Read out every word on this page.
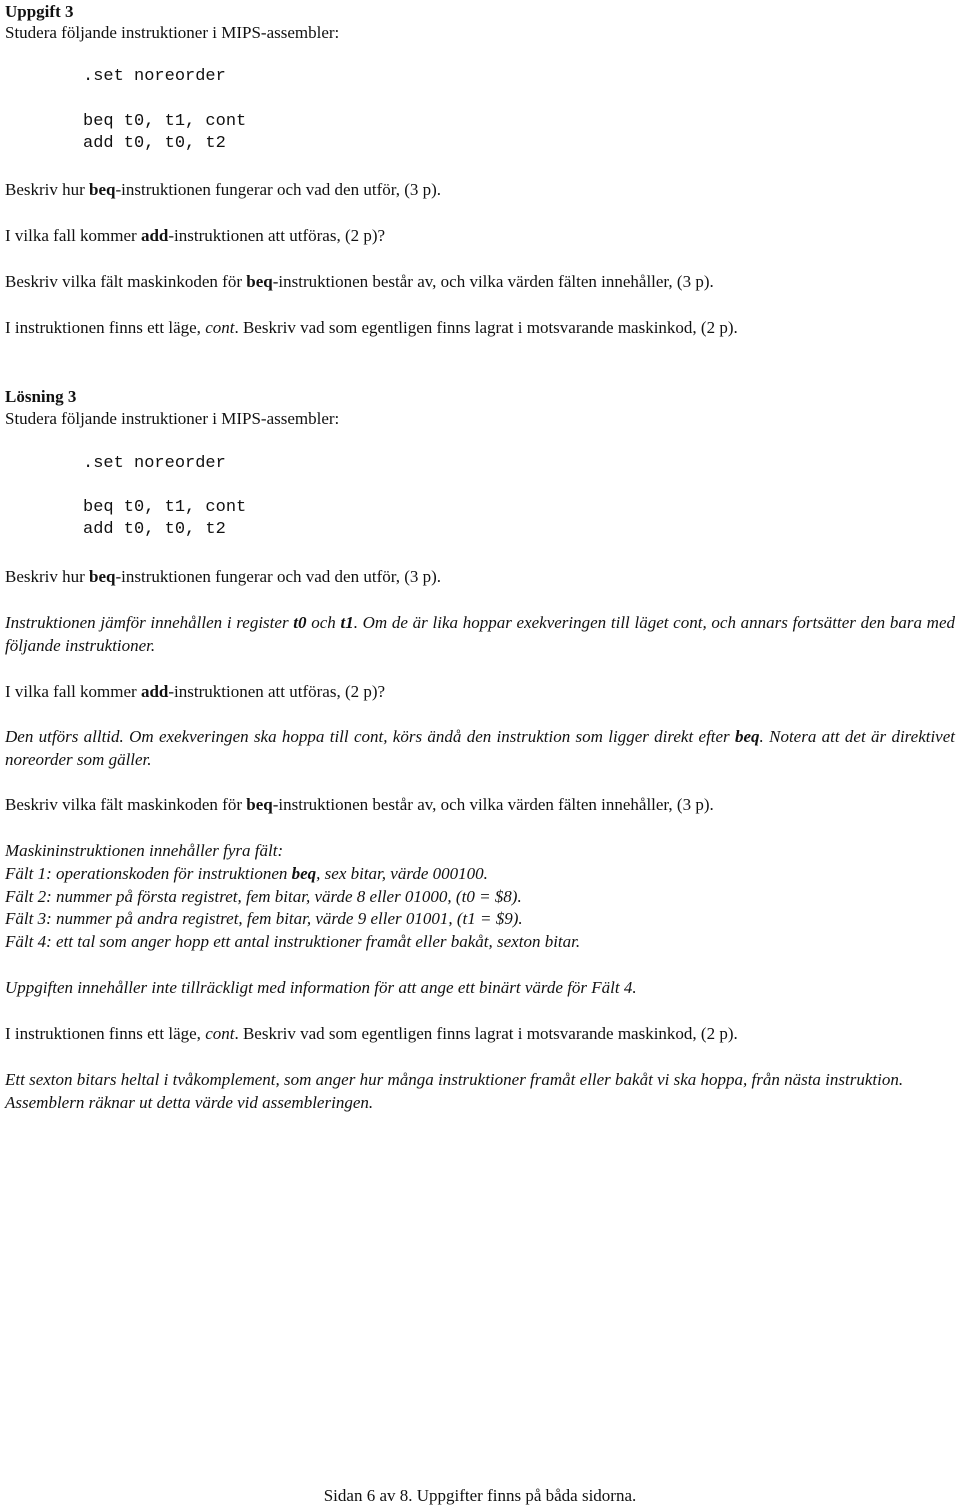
Uppgift 3
Studera följande instruktioner i MIPS-assembler:
.set noreorder
beq t0, t1, cont
add t0, t0, t2
Beskriv hur beq-instruktionen fungerar och vad den utför, (3 p).
I vilka fall kommer add-instruktionen att utföras, (2 p)?
Beskriv vilka fält maskinkoden för beq-instruktionen består av, och vilka värden fälten innehåller, (3 p).
I instruktionen finns ett läge, cont. Beskriv vad som egentligen finns lagrat i motsvarande maskinkod, (2 p).
Lösning 3
Studera följande instruktioner i MIPS-assembler:
.set noreorder
beq t0, t1, cont
add t0, t0, t2
Beskriv hur beq-instruktionen fungerar och vad den utför, (3 p).
Instruktionen jämför innehållen i register t0 och t1. Om de är lika hoppar exekveringen till läget cont, och annars fortsätter den bara med följande instruktioner.
I vilka fall kommer add-instruktionen att utföras, (2 p)?
Den utförs alltid. Om exekveringen ska hoppa till cont, körs ändå den instruktion som ligger direkt efter beq. Notera att det är direktivet noreorder som gäller.
Beskriv vilka fält maskinkoden för beq-instruktionen består av, och vilka värden fälten innehåller, (3 p).
Maskininstruktionen innehåller fyra fält:
Fält 1: operationskoden för instruktionen beq, sex bitar, värde 000100.
Fält 2: nummer på första registret, fem bitar, värde 8 eller 01000, (t0 = $8).
Fält 3: nummer på andra registret, fem bitar, värde 9 eller 01001, (t1 = $9).
Fält 4: ett tal som anger hopp ett antal instruktioner framåt eller bakåt, sexton bitar.
Uppgiften innehåller inte tillräckligt med information för att ange ett binärt värde för Fält 4.
I instruktionen finns ett läge, cont. Beskriv vad som egentligen finns lagrat i motsvarande maskinkod, (2 p).
Ett sexton bitars heltal i tvåkomplement, som anger hur många instruktioner framåt eller bakåt vi ska hoppa, från nästa instruktion. Assemblern räknar ut detta värde vid assembleringen.
Sidan 6 av 8. Uppgifter finns på båda sidorna.
